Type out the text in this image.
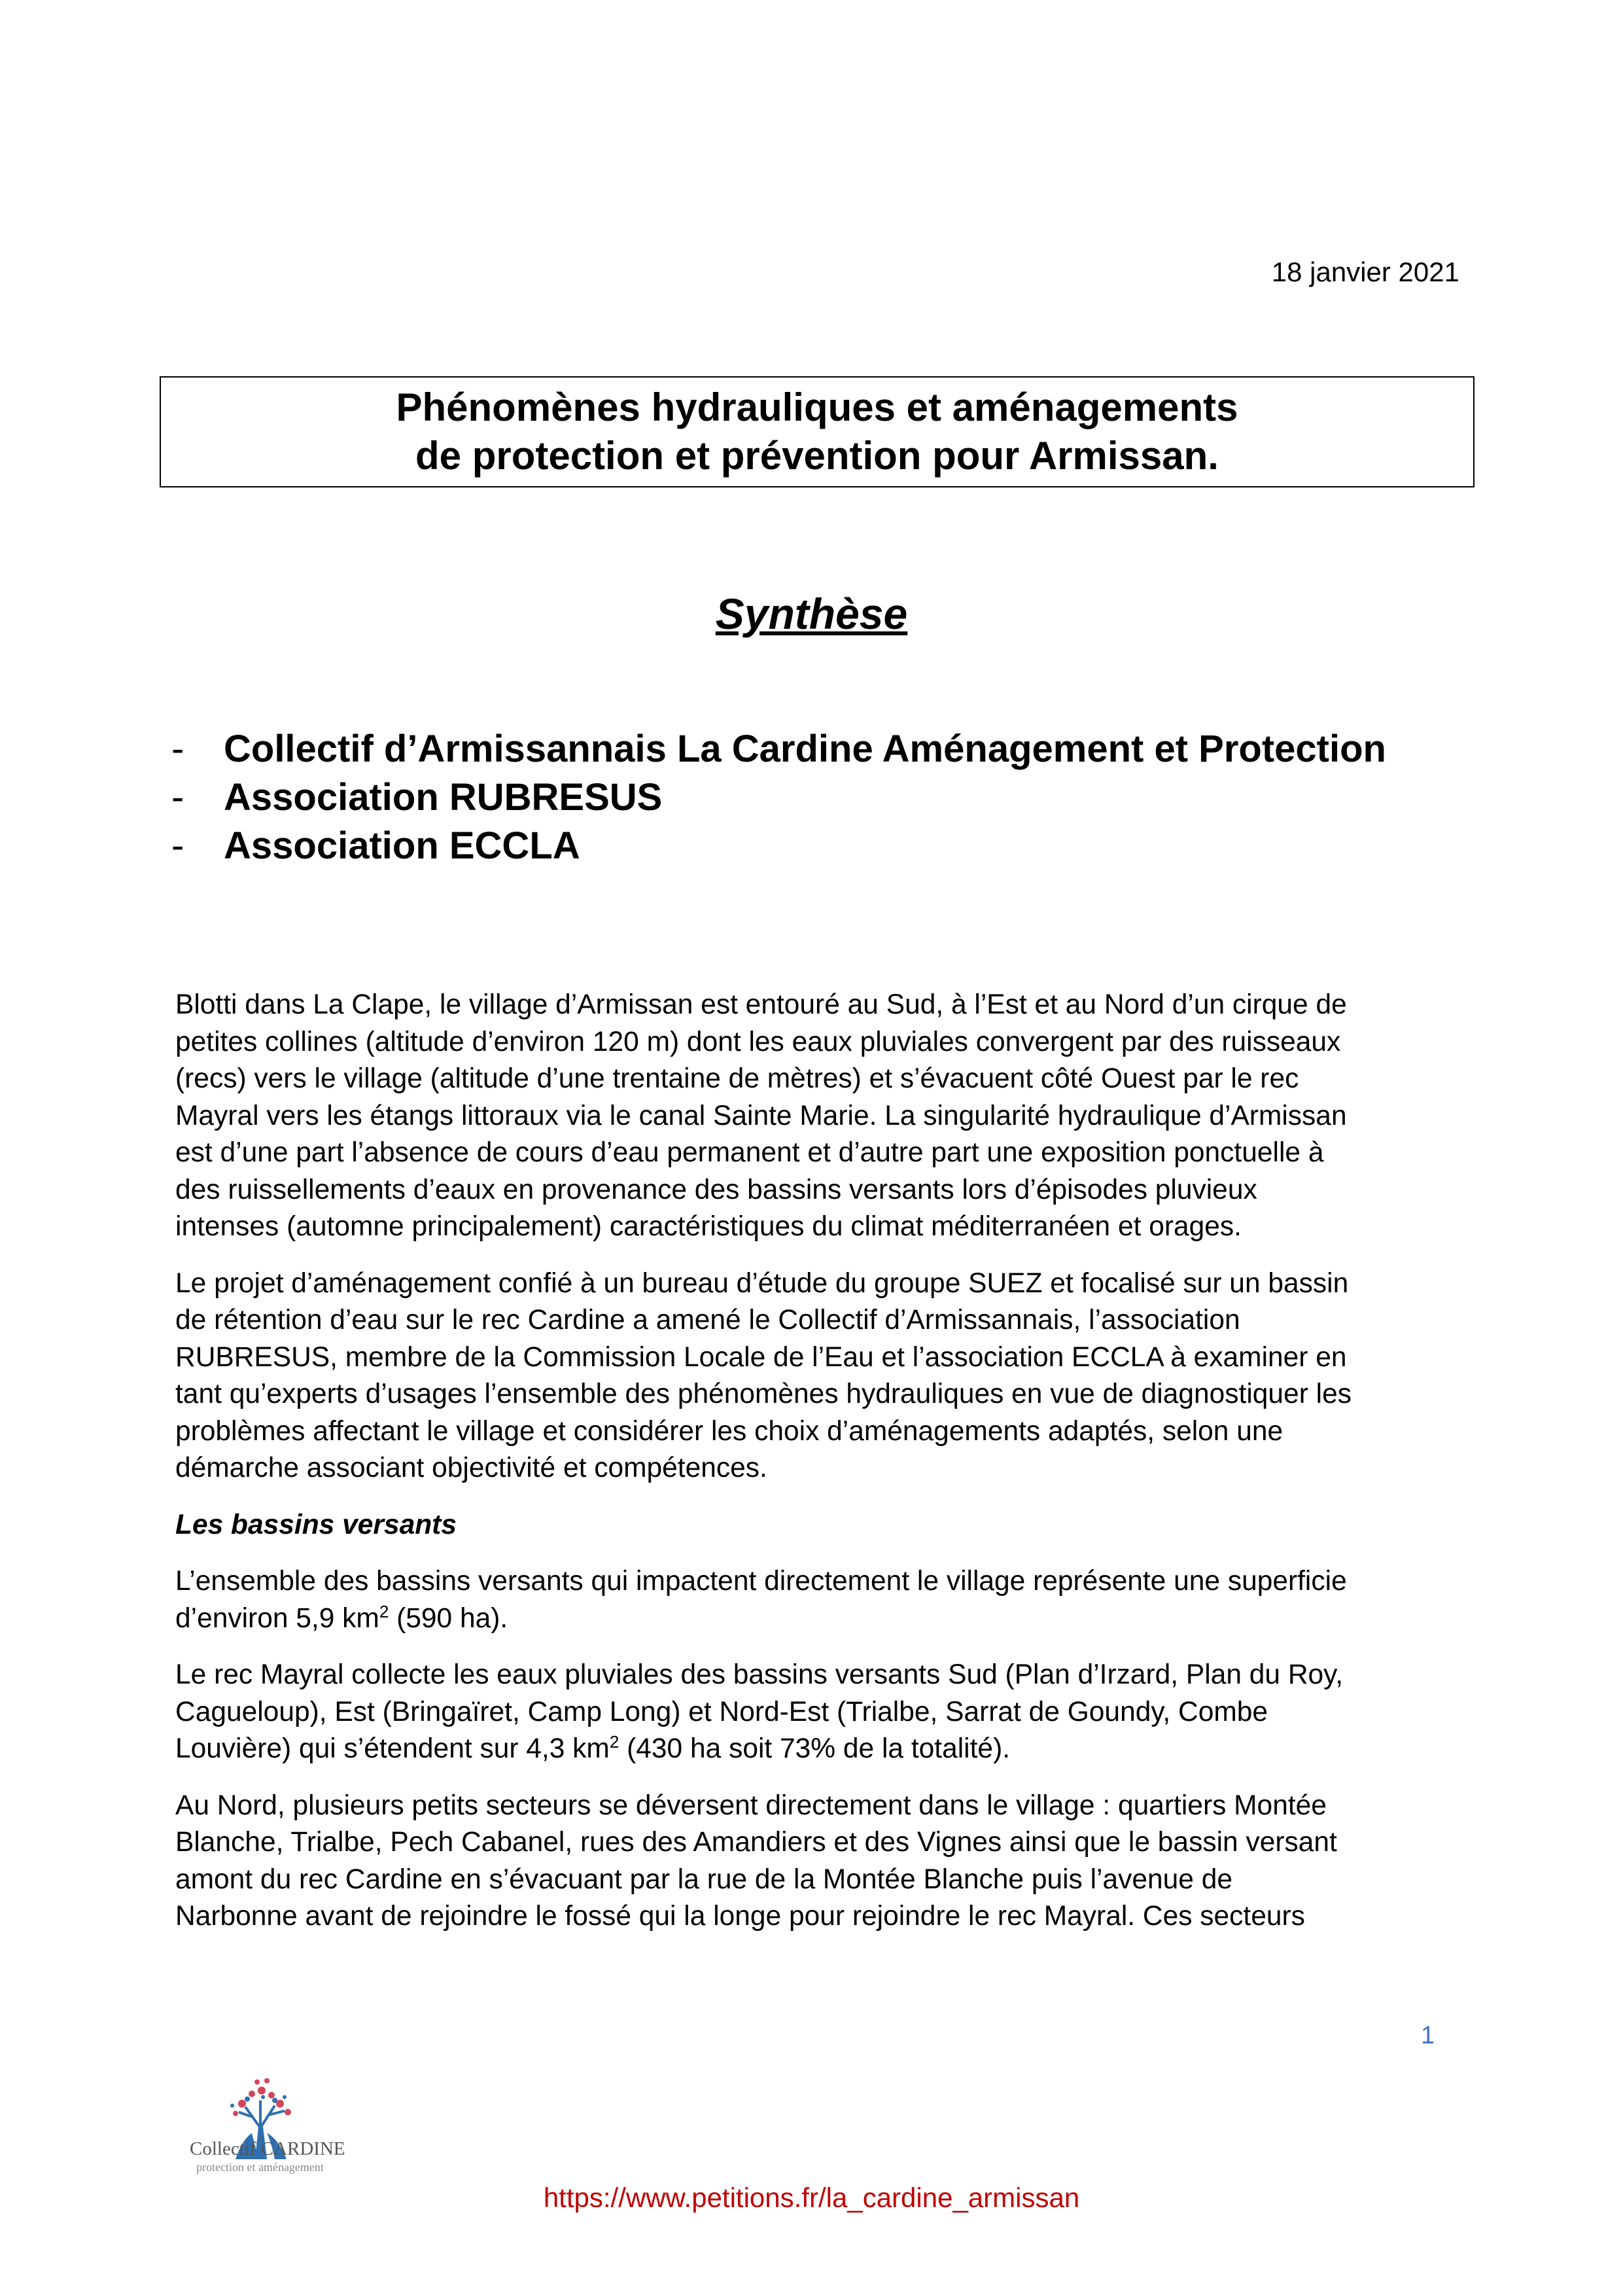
18 janvier 2021
Phénomènes hydrauliques et aménagements
de protection et prévention pour Armissan.
Synthèse
- Collectif d’Armissannais La Cardine Aménagement et Protection
- Association RUBRESUS
- Association ECCLA

Blotti dans La Clape, le village d’Armissan est entouré au Sud, à l’Est et au Nord d’un cirque de
petites collines (altitude d’environ 120 m) dont les eaux pluviales convergent par des ruisseaux
(recs) vers le village (altitude d’une trentaine de mètres) et s’évacuent côté Ouest par le rec
Mayral vers les étangs littoraux via le canal Sainte Marie. La singularité hydraulique d’Armissan
est d’une part l’absence de cours d’eau permanent et d’autre part une exposition ponctuelle à
des ruissellements d’eaux en provenance des bassins versants lors d’épisodes pluvieux
intenses (automne principalement) caractéristiques du climat méditerranéen et orages.

Le projet d’aménagement confié à un bureau d’étude du groupe SUEZ et focalisé sur un bassin
de rétention d’eau sur le rec Cardine a amené le Collectif d’Armissannais, l’association
RUBRESUS, membre de la Commission Locale de l’Eau et l’association ECCLA à examiner en
tant qu’experts d’usages l’ensemble des phénomènes hydrauliques en vue de diagnostiquer les
problèmes affectant le village et considérer les choix d’aménagements adaptés, selon une
démarche associant objectivité et compétences.

Les bassins versants

L’ensemble des bassins versants qui impactent directement le village représente une superficie
d’environ 5,9 $km^2$ (590 ha).

Le rec Mayral collecte les eaux pluviales des bassins versants Sud (Plan d’Irzard, Plan du Roy,
Cagueloup), Est (Bringaïret, Camp Long) et Nord-Est (Trialbe, Sarrat de Goundy, Combe
Louvière) qui s’étendent sur 4,3 $km^2$ (430 ha soit 73% de la totalité).

Au Nord, plusieurs petits secteurs se déversent directement dans le village : quartiers Montée
Blanche, Trialbe, Pech Cabanel, rues des Amandiers et des Vignes ainsi que le bassin versant
amont du rec Cardine en s’évacuant par la rue de la Montée Blanche puis l’avenue de
Narbonne avant de rejoindre le fossé qui la longe pour rejoindre le rec Mayral. Ces secteurs

1
Collectif CARDINE
protection et aménagement
https://www.petitions.fr/la_cardine_armissan
